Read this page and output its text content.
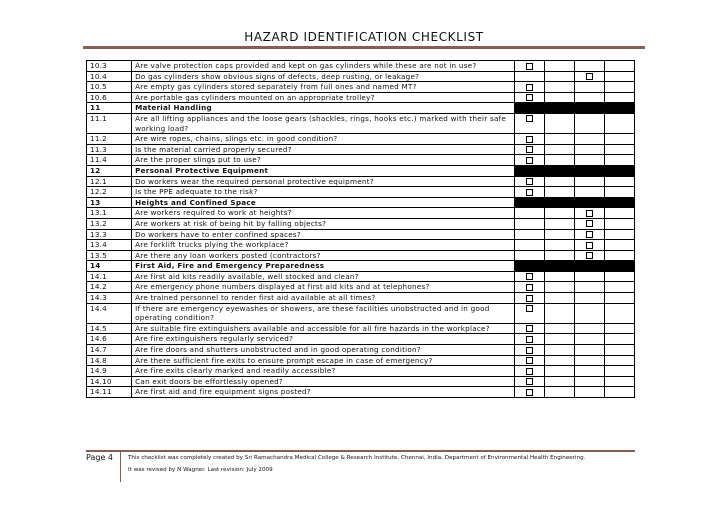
HAZARD IDENTIFICATION CHECKLIST
10.3	Are valve protection caps provided and kept on gas cylinders while these are not in use?				
10.4	Do gas cylinders show obvious signs of defects, deep rusting, or leakage?				
10.5	Are empty gas cylinders stored separately from full ones and named MT?				
10.6	Are portable gas cylinders mounted on an appropriate trolley?				
11	Material Handling				
11.1	Are all lifting appliances and the loose gears (shackles, rings, hooks etc.) marked with their safe working load?				
11.2	Are wire ropes, chains, slings etc. in good condition?				
11.3	Is the material carried properly secured?				
11.4	Are the proper slings put to use?				
12	Personal Protective Equipment				
12.1	Do workers wear the required personal protective equipment?				
12.2	Is the PPE adequate to the risk?				
13	Heights and Confined Space				
13.1	Are workers required to work at heights?				
13.2	Are workers at risk of being hit by falling objects?				
13.3	Do workers have to enter confined spaces?				
13.4	Are forklift trucks plying the workplace?				
13.5	Are there any loan workers posted (contractors?				
14	First Aid, Fire and Emergency Preparedness				
14.1	Are first aid kits readily available, well stocked and clean?				
14.2	Are emergency phone numbers displayed at first aid kits and at telephones?				
14.3	Are trained personnel to render first aid available at all times?				
14.4	If there are emergency eyewashes or showers, are these facilities unobstructed and in good operating condition?				
14.5	Are suitable fire extinguishers available and accessible for all fire hazards in the workplace?				
14.6	Are fire extinguishers regularly serviced?				
14.7	Are fire doors and shutters unobstructed and in good operating condition?				
14.8	Are there sufficient fire exits to ensure prompt escape in case of emergency?				
14.9	Are fire exits clearly marked and readily accessible?				
14.10	Can exit doors be effortlessly opened?				
14.11	Are first aid and fire equipment signs posted?				
Page 4	This checklist was completely created by Sri Ramachandra Medical College & Research Institute, Chennai, India, Department of Environmental Health Engineering.
It was revised by N Wagner. Last revision: July 2009
